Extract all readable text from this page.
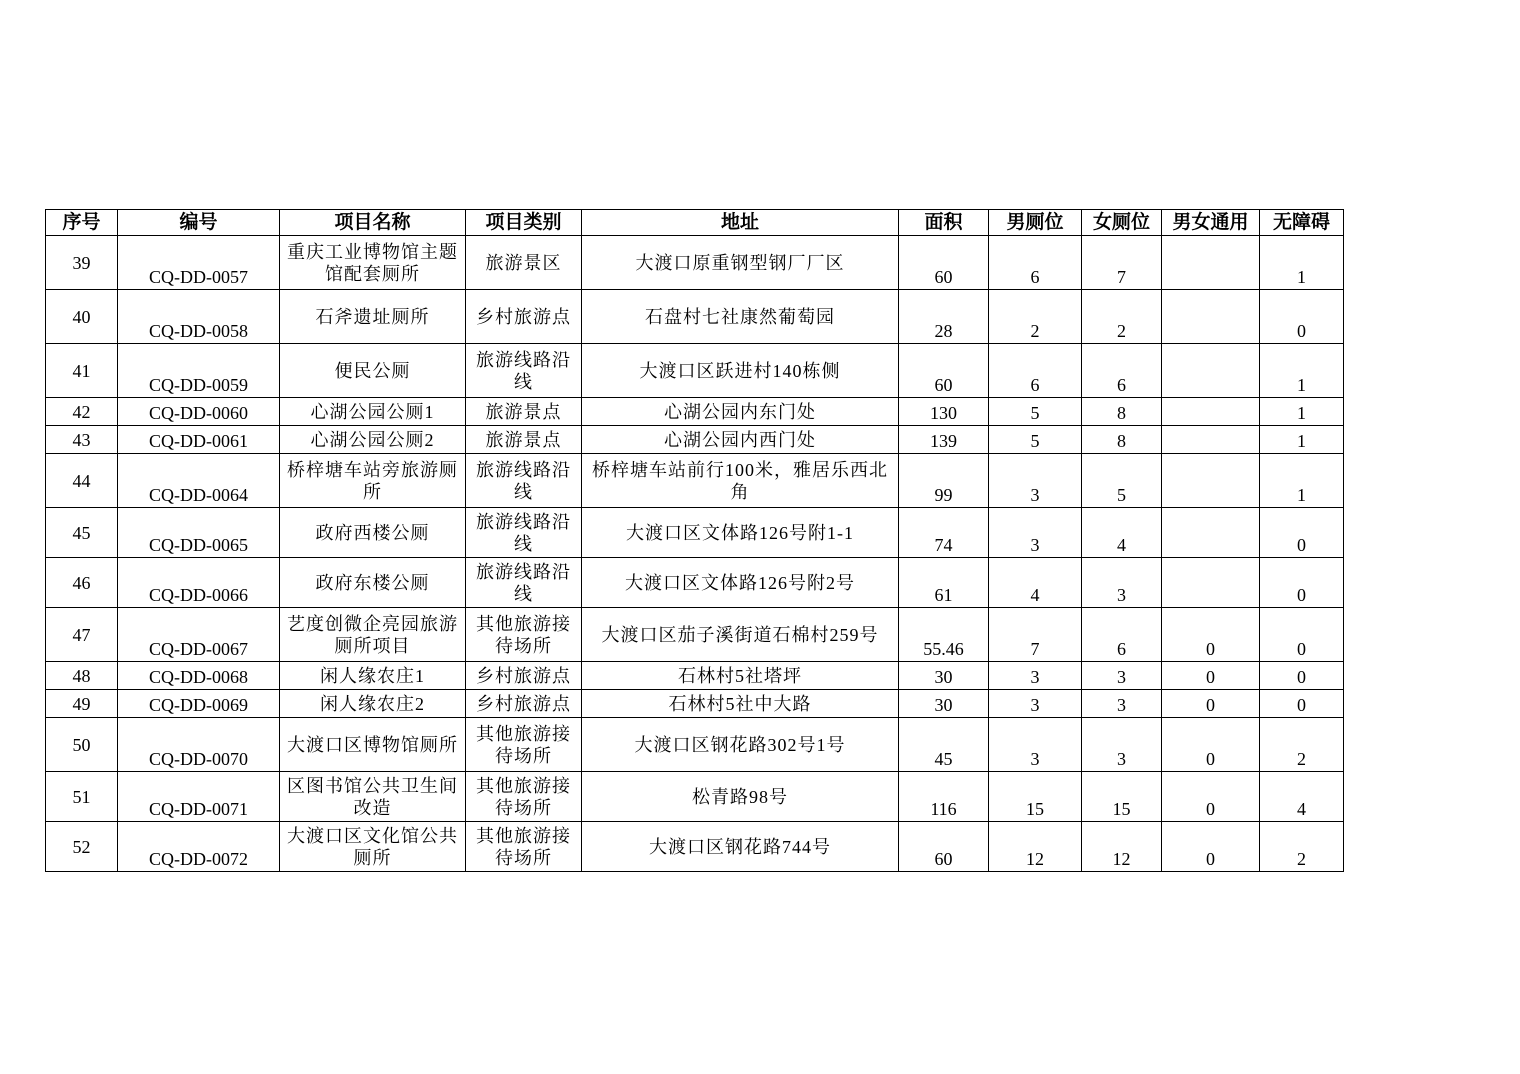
序号	编号	项目名称	项目类别	地址	面积	男厕位	女厕位	男女通用	无障碍
39	CQ-DD-0057	重庆工业博物馆主题馆配套厕所	旅游景区	大渡口原重钢型钢厂厂区	60	6	7		1
40	CQ-DD-0058	石斧遗址厕所	乡村旅游点	石盘村七社康然葡萄园	28	2	2		0
41	CQ-DD-0059	便民公厕	旅游线路沿线	大渡口区跃进村140栋侧	60	6	6		1
42	CQ-DD-0060	心湖公园公厕1	旅游景点	心湖公园内东门处	130	5	8		1
43	CQ-DD-0061	心湖公园公厕2	旅游景点	心湖公园内西门处	139	5	8		1
44	CQ-DD-0064	桥梓塘车站旁旅游厕所	旅游线路沿线	桥梓塘车站前行100米，雅居乐西北角	99	3	5		1
45	CQ-DD-0065	政府西楼公厕	旅游线路沿线	大渡口区文体路126号附1-1	74	3	4		0
46	CQ-DD-0066	政府东楼公厕	旅游线路沿线	大渡口区文体路126号附2号	61	4	3		0
47	CQ-DD-0067	艺度创微企亮园旅游厕所项目	其他旅游接待场所	大渡口区茄子溪街道石棉村259号	55.46	7	6	0	0
48	CQ-DD-0068	闲人缘农庄1	乡村旅游点	石林村5社塔坪	30	3	3	0	0
49	CQ-DD-0069	闲人缘农庄2	乡村旅游点	石林村5社中大路	30	3	3	0	0
50	CQ-DD-0070	大渡口区博物馆厕所	其他旅游接待场所	大渡口区钢花路302号1号	45	3	3	0	2
51	CQ-DD-0071	区图书馆公共卫生间改造	其他旅游接待场所	松青路98号	116	15	15	0	4
52	CQ-DD-0072	大渡口区文化馆公共厕所	其他旅游接待场所	大渡口区钢花路744号	60	12	12	0	2
